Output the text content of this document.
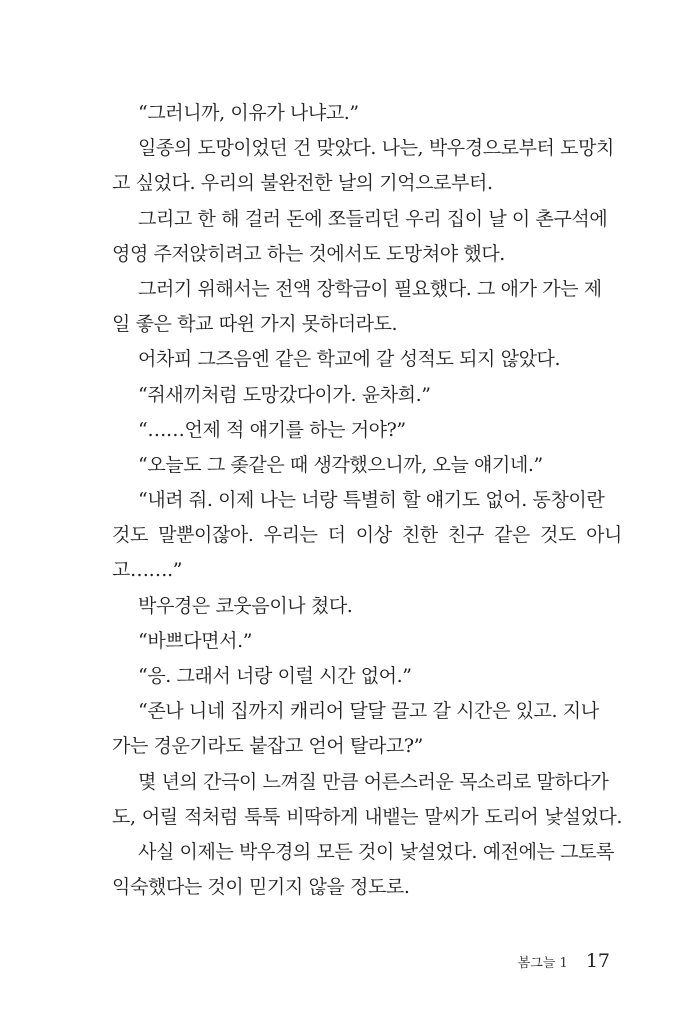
“그러니까, 이유가 나냐고.”
일종의 도망이었던 건 맞았다. 나는, 박우경으로부터 도망치
고 싶었다. 우리의 불완전한 날의 기억으로부터.
그리고 한 해 걸러 돈에 쪼들리던 우리 집이 날 이 촌구석에
영영 주저앉히려고 하는 것에서도 도망쳐야 했다.
그러기 위해서는 전액 장학금이 필요했다. 그 애가 가는 제
일 좋은 학교 따윈 가지 못하더라도.
어차피 그즈음엔 같은 학교에 갈 성적도 되지 않았다.
“쥐새끼처럼 도망갔다이가. 윤차희.”
“……언제 적 얘기를 하는 거야?”
“오늘도 그 좆같은 때 생각했으니까, 오늘 얘기네.”
“내려 줘. 이제 나는 너랑 특별히 할 얘기도 없어. 동창이란
것도 말뿐이잖아. 우리는 더 이상 친한 친구 같은 것도 아니
고…….”
박우경은 코웃음이나 쳤다.
“바쁘다면서.”
“응. 그래서 너랑 이럴 시간 없어.”
“존나 니네 집까지 캐리어 달달 끌고 갈 시간은 있고. 지나
가는 경운기라도 붙잡고 얻어 탈라고?”
몇 년의 간극이 느껴질 만큼 어른스러운 목소리로 말하다가
도, 어릴 적처럼 툭툭 비딱하게 내뱉는 말씨가 도리어 낯설었다.
사실 이제는 박우경의 모든 것이 낯설었다. 예전에는 그토록
익숙했다는 것이 믿기지 않을 정도로.
봄그늘 1 17
